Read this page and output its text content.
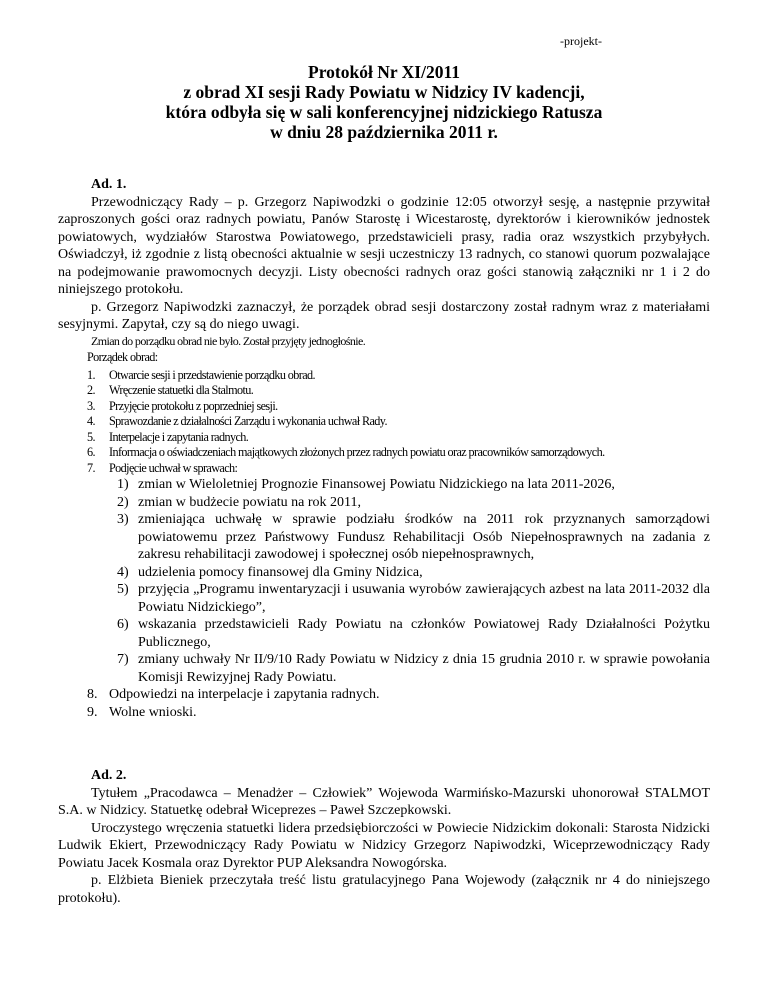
-projekt-
Protokół Nr XI/2011
z obrad XI sesji Rady Powiatu w Nidzicy IV kadencji,
która odbyła się w sali konferencyjnej nidzickiego Ratusza
w dniu 28 października 2011 r.
Ad. 1.
Przewodniczący Rady – p. Grzegorz Napiwodzki o godzinie 12:05 otworzył sesję, a następnie przywitał zaproszonych gości oraz radnych powiatu, Panów Starostę i Wicestarostę, dyrektorów i kierowników jednostek powiatowych, wydziałów Starostwa Powiatowego, przedstawicieli prasy, radia oraz wszystkich przybyłych. Oświadczył, iż zgodnie z listą obecności aktualnie w sesji uczestniczy 13 radnych, co stanowi quorum pozwalające na podejmowanie prawomocnych decyzji. Listy obecności radnych oraz gości stanowią załączniki nr 1 i 2 do niniejszego protokołu.
p. Grzegorz Napiwodzki zaznaczył, że porządek obrad sesji dostarczony został radnym wraz z materiałami sesyjnymi. Zapytał, czy są do niego uwagi.
Zmian do porządku obrad nie było. Został przyjęty jednogłośnie.
Porządek obrad:
1.	Otwarcie sesji i przedstawienie porządku obrad.
2.	Wręczenie statuetki dla Stalmotu.
3.	Przyjęcie protokołu z poprzedniej sesji.
4.	Sprawozdanie z działalności Zarządu i wykonania uchwał Rady.
5.	Interpelacje i zapytania radnych.
6.	Informacja o oświadczeniach majątkowych złożonych przez radnych powiatu oraz pracowników samorządowych.
7.	Podjęcie uchwał w sprawach:
1) zmian w Wieloletniej Prognozie Finansowej Powiatu Nidzickiego na lata 2011-2026,
2) zmian w budżecie powiatu na rok 2011,
3) zmieniająca uchwałę w sprawie podziału środków na 2011 rok przyznanych samorządowi powiatowemu przez Państwowy Fundusz Rehabilitacji Osób Niepełnosprawnych na zadania z zakresu rehabilitacji zawodowej i społecznej osób niepełnosprawnych,
4) udzielenia pomocy finansowej dla Gminy Nidzica,
5) przyjęcia „Programu inwentaryzacji i usuwania wyrobów zawierających azbest na lata 2011-2032 dla Powiatu Nidzickiego”,
6) wskazania przedstawicieli Rady Powiatu na członków Powiatowej Rady Działalności Pożytku Publicznego,
7) zmiany uchwały Nr II/9/10 Rady Powiatu w Nidzicy z dnia 15 grudnia 2010 r. w sprawie powołania Komisji Rewizyjnej Rady Powiatu.
8. Odpowiedzi na interpelacje i zapytania radnych.
9. Wolne wnioski.
Ad. 2.
Tytułem „Pracodawca – Menadżer – Człowiek” Wojewoda Warmińsko-Mazurski uhonorował STALMOT S.A. w Nidzicy. Statuetkę odebrał Wiceprezes – Paweł Szczepkowski.
Uroczystego wręczenia statuetki lidera przedsiębiorczości w Powiecie Nidzickim dokonali: Starosta Nidzicki Ludwik Ekiert, Przewodniczący Rady Powiatu w Nidzicy Grzegorz Napiwodzki, Wiceprzewodniczący Rady Powiatu Jacek Kosmala oraz Dyrektor PUP Aleksandra Nowogórska.
p. Elżbieta Bieniek przeczytała treść listu gratulacyjnego Pana Wojewody (załącznik nr 4 do niniejszego protokołu).
